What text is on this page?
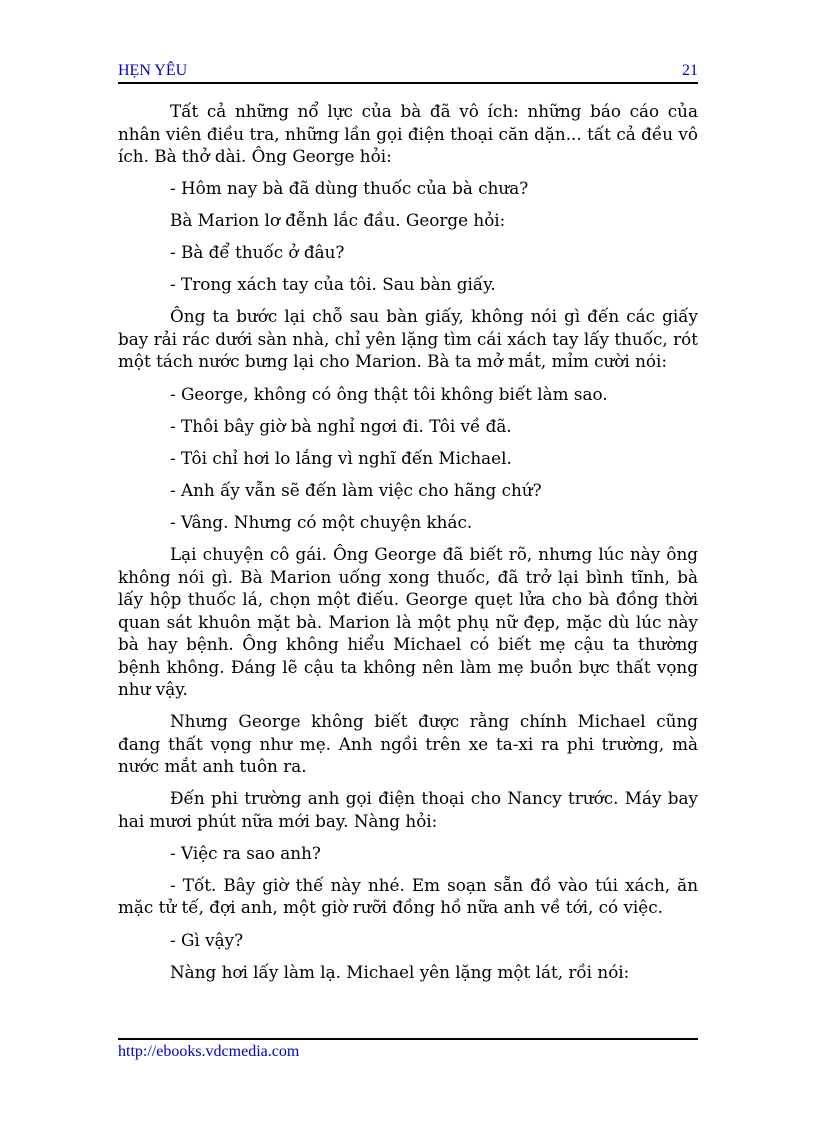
HẸN YÊU	21

Tất cả những nổ lực của bà đã vô ích: những báo cáo của nhân viên điều tra, những lần gọi điện thoại căn dặn... tất cả đều vô ích. Bà thở dài. Ông George hỏi:

- Hôm nay bà đã dùng thuốc của bà chưa?

Bà Marion lơ đễnh lắc đầu. George hỏi:

- Bà để thuốc ở đâu?

- Trong xách tay của tôi. Sau bàn giấy.

Ông ta bước lại chỗ sau bàn giấy, không nói gì đến các giấy bay rải rác dưới sàn nhà, chỉ yên lặng tìm cái xách tay lấy thuốc, rót một tách nước bưng lại cho Marion. Bà ta mở mắt, mỉm cười nói:

- George, không có ông thật tôi không biết làm sao.

- Thôi bây giờ bà nghỉ ngơi đi. Tôi về đã.

- Tôi chỉ hơi lo lắng vì nghĩ đến Michael.

- Anh ấy vẫn sẽ đến làm việc cho hãng chứ?

- Vâng. Nhưng có một chuyện khác.

Lại chuyện cô gái. Ông George đã biết rõ, nhưng lúc này ông không nói gì. Bà Marion uống xong thuốc, đã trở lại bình tĩnh, bà lấy hộp thuốc lá, chọn một điếu. George quẹt lửa cho bà đồng thời quan sát khuôn mặt bà. Marion là một phụ nữ đẹp, mặc dù lúc này bà hay bệnh. Ông không hiểu Michael có biết mẹ cậu ta thường bệnh không. Đáng lẽ cậu ta không nên làm mẹ buồn bực thất vọng như vậy.

Nhưng George không biết được rằng chính Michael cũng đang thất vọng như mẹ. Anh ngồi trên xe ta-xi ra phi trường, mà nước mắt anh tuôn ra.

Đến phi trường anh gọi điện thoại cho Nancy trước. Máy bay hai mươi phút nữa mới bay. Nàng hỏi:

- Việc ra sao anh?

- Tốt. Bây giờ thế này nhé. Em soạn sẵn đồ vào túi xách, ăn mặc tử tế, đợi anh, một giờ rưỡi đồng hồ nữa anh về tới, có việc.

- Gì vậy?

Nàng hơi lấy làm lạ. Michael yên lặng một lát, rồi nói:

http://ebooks.vdcmedia.com
